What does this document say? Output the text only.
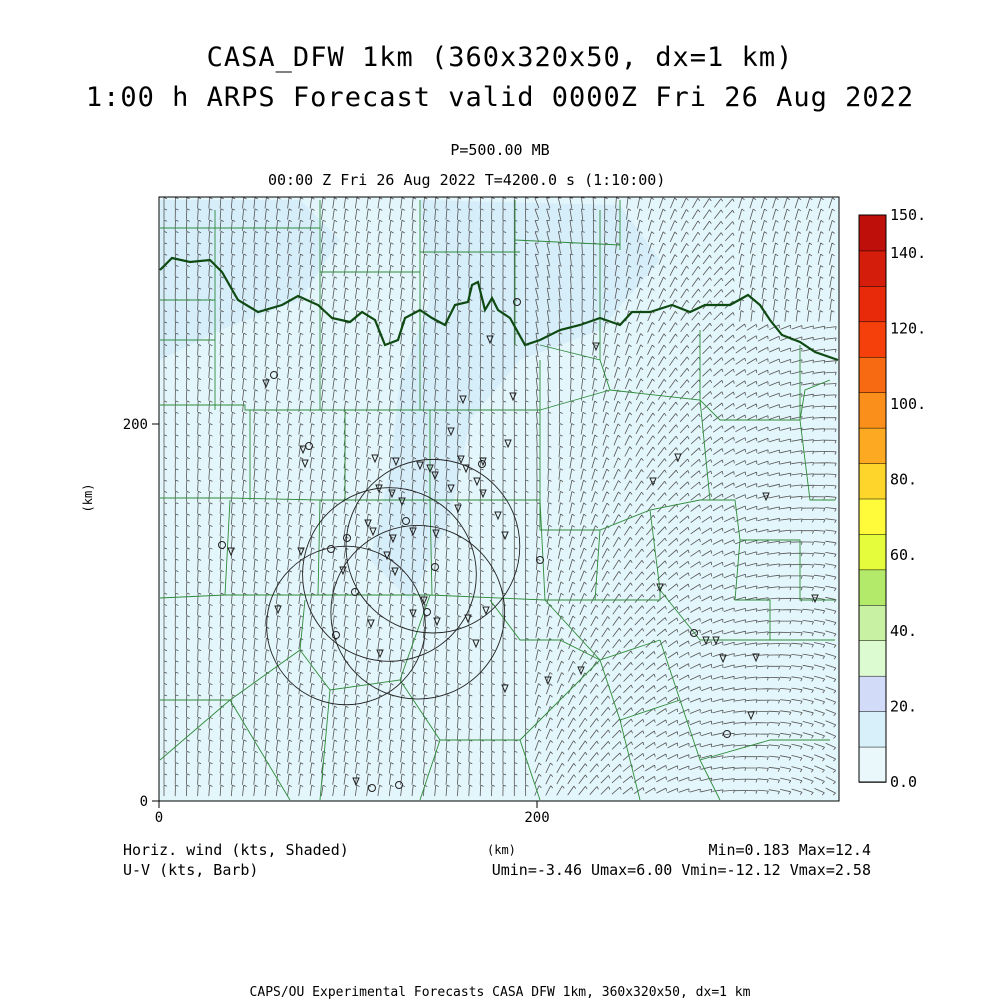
CASA_DFW 1km (360x320x50, dx=1 km)
1:00 h ARPS Forecast valid 0000Z Fri 26 Aug 2022
P=500.00 MB
00:00 Z Fri 26 Aug 2022 T=4200.0 s (1:10:00)
0	200
0
200
(km)
0.0
20.
40.
60.
80.
100.
120.
140.
150.
Horiz. wind (kts, Shaded)
U-V (kts, Barb)
(km)	Min=0.183 Max=12.4
Umin=-3.46 Umax=6.00 Vmin=-12.12 Vmax=2.58
CAPS/OU Experimental Forecasts CASA DFW 1km, 360x320x50, dx=1 km
